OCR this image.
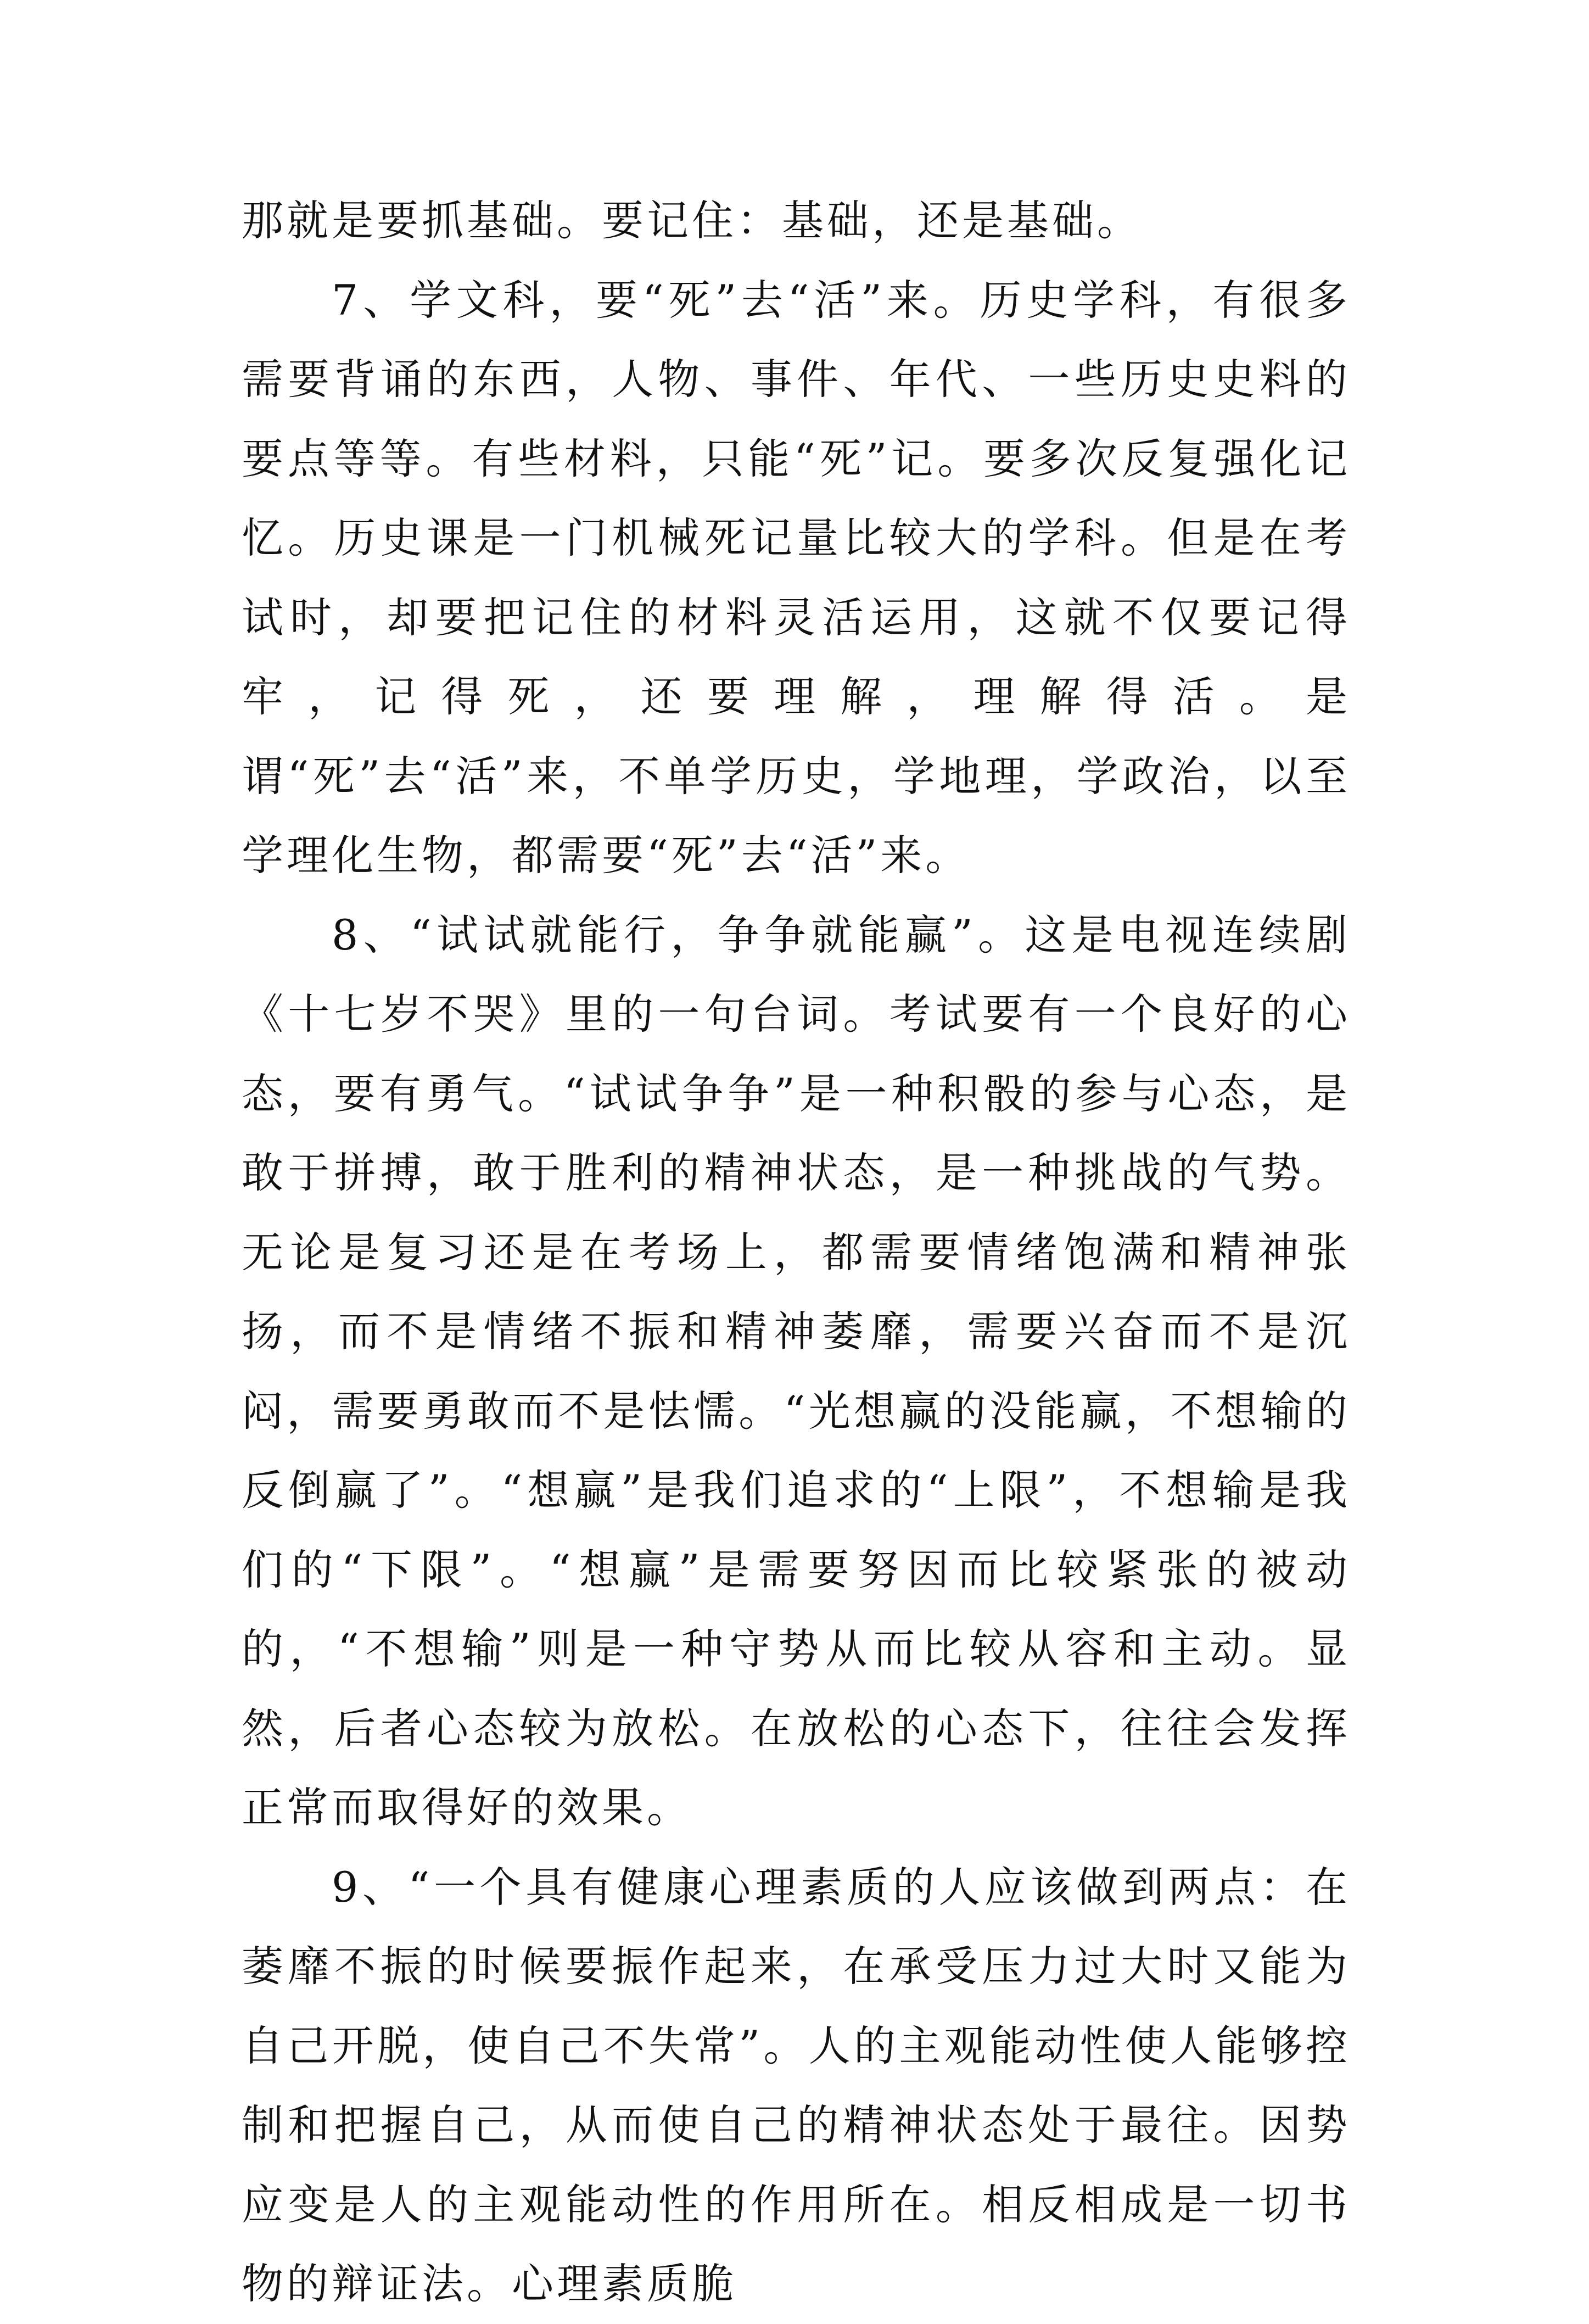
那就是要抓基础。要记住：基础，还是基础。

7、学文科，要“死”去“活”来。历史学科，有很多需要背诵的东西，人物、事件、年代、一些历史史料的要点等等。有些材料，只能“死”记。要多次反复强化记忆。历史课是一门机械死记量比较大的学科。但是在考试时，却要把记住的材料灵活运用，这就不仅要记得牢，记得死，还要理解，理解得活。是谓“死”去“活”来，不单学历史，学地理，学政治，以至学理化生物，都需要“死”去“活”来。

8、“试试就能行，争争就能赢”。这是电视连续剧《十七岁不哭》里的一句台词。考试要有一个良好的心态，要有勇气。“试试争争”是一种积骰的参与心态，是敢于拼搏，敢于胜利的精神状态，是一种挑战的气势。无论是复习还是在考场上，都需要情绪饱满和精神张扬，而不是情绪不振和精神萎靡，需要兴奋而不是沉闷，需要勇敢而不是怯懦。“光想赢的没能赢，不想输的反倒赢了”。“想赢”是我们追求的“上限”，不想输是我们的“下限”。“想赢”是需要努因而比较紧张的被动的，“不想输”则是一种守势从而比较从容和主动。显然，后者心态较为放松。在放松的心态下，往往会发挥正常而取得好的效果。

9、“一个具有健康心理素质的人应该做到两点：在萎靡不振的时候要振作起来，在承受压力过大时又能为自己开脱，使自己不失常”。人的主观能动性使人能够控制和把握自己，从而使自己的精神状态处于最往。因势应变是人的主观能动性的作用所在。相反相成是一切书物的辩证法。心理素质脆
